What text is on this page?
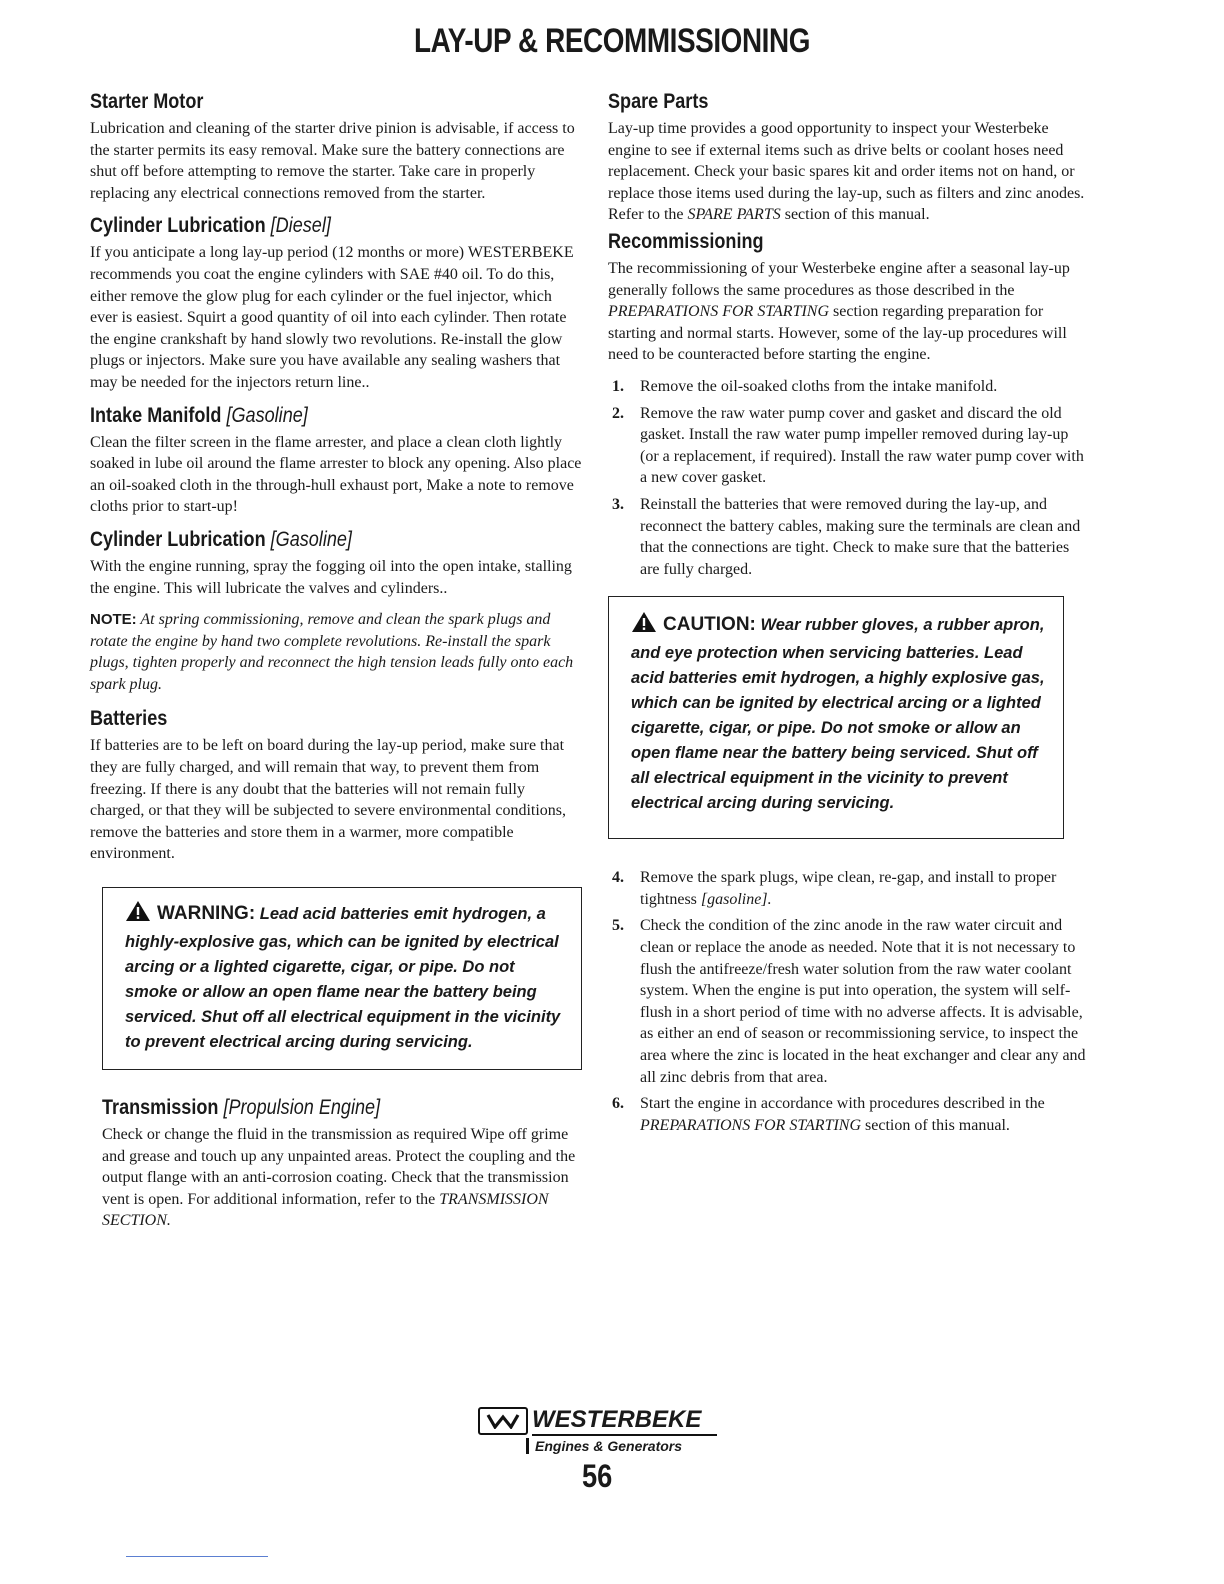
LAY-UP & RECOMMISSIONING
Starter Motor

Lubrication and cleaning of the starter drive pinion is advisable, if access to the starter permits its easy removal. Make sure the battery connections are shut off before attempting to remove the starter. Take care in properly replacing any electrical connections removed from the starter.

Cylinder Lubrication [Diesel]

If you anticipate a long lay-up period (12 months or more) WESTERBEKE recommends you coat the engine cylinders with SAE #40 oil. To do this, either remove the glow plug for each cylinder or the fuel injector, which ever is easiest. Squirt a good quantity of oil into each cylinder. Then rotate the engine crankshaft by hand slowly two revolutions. Re-install the glow plugs or injectors. Make sure you have available any sealing washers that may be needed for the injectors return line..

Intake Manifold [Gasoline]

Clean the filter screen in the flame arrester, and place a clean cloth lightly soaked in lube oil around the flame arrester to block any opening. Also place an oil-soaked cloth in the through-hull exhaust port, Make a note to remove cloths prior to start-up!

Cylinder Lubrication [Gasoline]

With the engine running, spray the fogging oil into the open intake, stalling the engine. This will lubricate the valves and cylinders..

NOTE: At spring commissioning, remove and clean the spark plugs and rotate the engine by hand two complete revolutions. Re-install the spark plugs, tighten properly and reconnect the high tension leads fully onto each spark plug.

Batteries

If batteries are to be left on board during the lay-up period, make sure that they are fully charged, and will remain that way, to prevent them from freezing. If there is any doubt that the batteries will not remain fully charged, or that they will be subjected to severe environmental conditions, remove the batteries and store them in a warmer, more compatible environment.

WARNING: Lead acid batteries emit hydrogen, a highly-explosive gas, which can be ignited by electrical arcing or a lighted cigarette, cigar, or pipe. Do not smoke or allow an open flame near the battery being serviced. Shut off all electrical equipment in the vicinity to prevent electrical arcing during servicing.
Transmission [Propulsion Engine]

Check or change the fluid in the transmission as required Wipe off grime and grease and touch up any unpainted areas. Protect the coupling and the output flange with an anti-corrosion coating. Check that the transmission vent is open. For additional information, refer to the TRANSMISSION SECTION.

Spare Parts

Lay-up time provides a good opportunity to inspect your Westerbeke engine to see if external items such as drive belts or coolant hoses need replacement. Check your basic spares kit and order items not on hand, or replace those items used during the lay-up, such as filters and zinc anodes. Refer to the SPARE PARTS section of this manual.

Recommissioning

The recommissioning of your Westerbeke engine after a seasonal lay-up generally follows the same procedures as those described in the PREPARATIONS FOR STARTING section regarding preparation for starting and normal starts. However, some of the lay-up procedures will need to be counteracted before starting the engine.

1. Remove the oil-soaked cloths from the intake manifold.
2. Remove the raw water pump cover and gasket and discard the old gasket. Install the raw water pump impeller removed during lay-up (or a replacement, if required). Install the raw water pump cover with a new cover gasket.
3. Reinstall the batteries that were removed during the lay-up, and reconnect the battery cables, making sure the terminals are clean and that the connections are tight. Check to make sure that the batteries are fully charged.
CAUTION: Wear rubber gloves, a rubber apron, and eye protection when servicing batteries. Lead acid batteries emit hydrogen, a highly explosive gas, which can be ignited by electrical arcing or a lighted cigarette, cigar, or pipe. Do not smoke or allow an open flame near the battery being serviced. Shut off all electrical equipment in the vicinity to prevent electrical arcing during servicing.
4. Remove the spark plugs, wipe clean, re-gap, and install to proper tightness [gasoline].
5. Check the condition of the zinc anode in the raw water circuit and clean or replace the anode as needed. Note that it is not necessary to flush the antifreeze/fresh water solution from the raw water coolant system. When the engine is put into operation, the system will self-flush in a short period of time with no adverse affects. It is advisable, as either an end of season or recommissioning service, to inspect the area where the zinc is located in the heat exchanger and clear any and all zinc debris from that area.
6. Start the engine in accordance with procedures described in the PREPARATIONS FOR STARTING section of this manual.
WESTERBEKE
Engines & Generators
56
